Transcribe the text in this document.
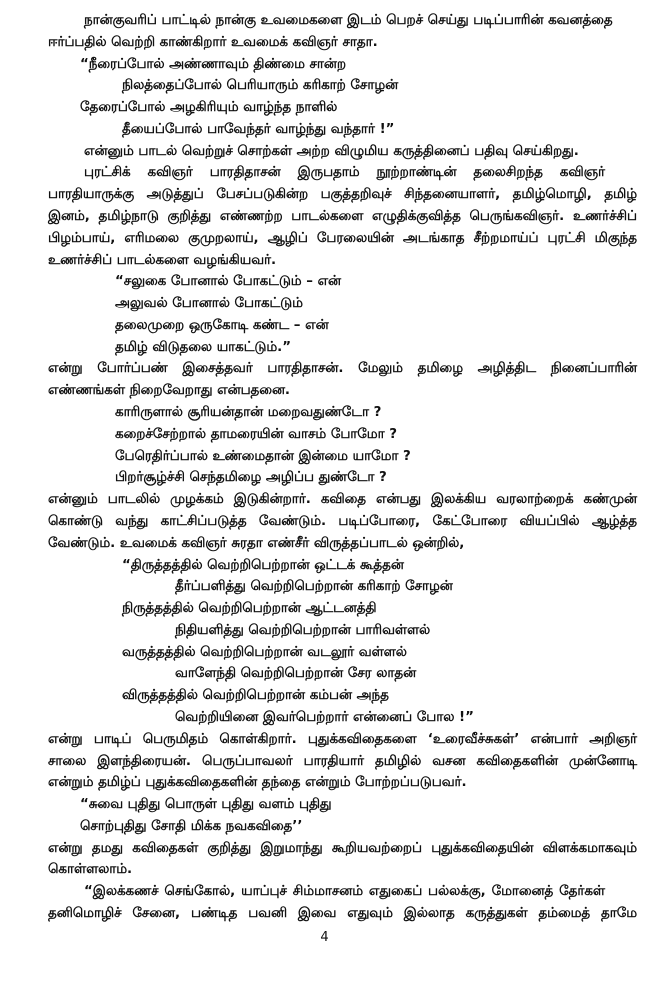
நான்குவரிப் பாட்டில் நான்கு உவமைகளை இடம் பெறச் செய்து படிப்பாரின் கவனத்தை
ஈர்ப்பதில் வெற்றி காண்கிறார் உவமைக் கவிஞர் சாதா.
“நீரைப்போல் அண்ணாவும் திண்மை சான்ற
நிலத்தைப்போல் பெரியாரும் கரிகாற் சோழன்
தேரைப்போல் அழகிரியும் வாழ்ந்த நாளில்
தீயைப்போல் பாவேந்தர் வாழ்ந்து வந்தார் !”
என்னும் பாடல் வெற்றுச் சொற்கள் அற்ற விழுமிய கருத்தினைப் பதிவு செய்கிறது.
புரட்சிக் கவிஞர் பாரதிதாசன் இருபதாம் நூற்றாண்டின் தலைசிறந்த கவிஞர்
பாரதியாருக்கு அடுத்துப் பேசப்படுகின்ற பகுத்தறிவுச் சிந்தனையாளர், தமிழ்மொழி, தமிழ்
இனம், தமிழ்நாடு குறித்து எண்ணற்ற பாடல்களை எழுதிக்குவித்த பெருங்கவிஞர். உணர்ச்சிப்
பிழம்பாய், எரிமலை குமுறலாய், ஆழிப் பேரலையின் அடங்காத சீற்றமாய்ப் புரட்சி மிகுந்த
உணர்ச்சிப் பாடல்களை வழங்கியவர்.
“சலுகை போனால் போகட்டும் – என்
அலுவல் போனால் போகட்டும்
தலைமுறை ஒருகோடி கண்ட – என்
தமிழ் விடுதலை யாகட்டும்.”
என்று போர்ப்பண் இசைத்தவர் பாரதிதாசன். மேலும் தமிழை அழித்திட நினைப்பாரின்
எண்ணங்கள் நிறைவேறாது என்பதனை.
காரிருளால் சூரியன்தான் மறைவதுண்டோ ?
கறைச்சேற்றால் தாமரையின் வாசம் போமோ ?
பேரெதிர்ப்பால் உண்மைதான் இன்மை யாமோ ?
பிறர்சூழ்ச்சி செந்தமிழை அழிப்ப துண்டோ ?
என்னும் பாடலில் முழக்கம் இடுகின்றார். கவிதை என்பது இலக்கிய வரலாற்றைக் கண்முன்
கொண்டு வந்து காட்சிப்படுத்த வேண்டும். படிப்போரை, கேட்போரை வியப்பில் ஆழ்த்த
வேண்டும். உவமைக் கவிஞர் சுரதா எண்சீர் விருத்தப்பாடல் ஒன்றில்,
“திருத்தத்தில் வெற்றிபெற்றான் ஒட்டக் கூத்தன்
தீர்ப்பளித்து வெற்றிபெற்றான் கரிகாற் சோழன்
நிருத்தத்தில் வெற்றிபெற்றான் ஆட்டனத்தி
நிதியளித்து வெற்றிபெற்றான் பாரிவள்ளல்
வருத்தத்தில் வெற்றிபெற்றான் வடலூர் வள்ளல்
வாளேந்தி வெற்றிபெற்றான் சேர லாதன்
விருத்தத்தில் வெற்றிபெற்றான் கம்பன் அந்த
வெற்றியினை இவர்பெற்றார் என்னைப் போல !”
என்று பாடிப் பெருமிதம் கொள்கிறார். புதுக்கவிதைகளை ‘உரைவீச்சுகள்’ என்பார் அறிஞர்
சாலை இளந்திரையன். பெருப்பாவலர் பாரதியார் தமிழில் வசன கவிதைகளின் முன்னோடி
என்றும் தமிழ்ப் புதுக்கவிதைகளின் தந்தை என்றும் போற்றப்படுபவர்.
“சுவை புதிது பொருள் புதிது வளம் புதிது
சொற்புதிது சோதி மிக்க நவகவிதை’’
என்று தமது கவிதைகள் குறித்து இறுமாந்து கூறியவற்றைப் புதுக்கவிதையின் விளக்கமாகவும்
கொள்ளலாம்.
“இலக்கணச் செங்கோல், யாப்புச் சிம்மாசனம் எதுகைப் பல்லக்கு, மோனைத் தேர்கள்
தனிமொழிச் சேனை, பண்டித பவனி இவை எதுவும் இல்லாத கருத்துகள் தம்மைத் தாமே
4
